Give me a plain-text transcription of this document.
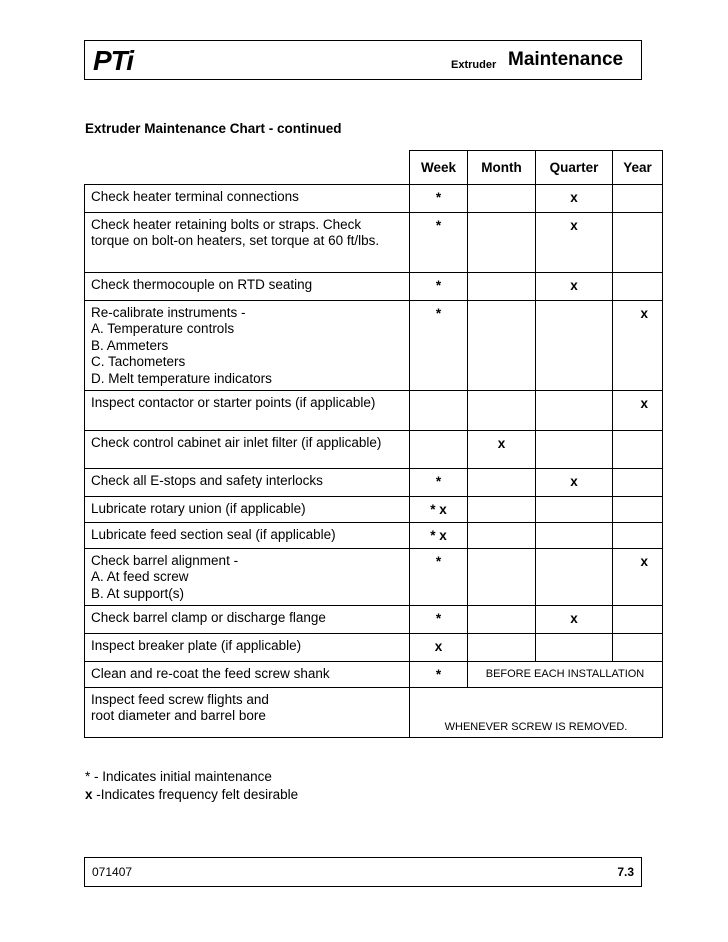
PTi	Extruder Maintenance
Extruder Maintenance Chart - continued
	Week	Month	Quarter	Year
Check heater terminal connections	*		x	

Check heater retaining bolts or straps. Check torque on bolt-on heaters, set torque at 60 ft/lbs.	*		x	

Check thermocouple on RTD seating	*		x	

Re-calibrate instruments -
A. Temperature controls
B. Ammeters
C. Tachometers
D. Melt temperature indicators	*			x

Inspect contactor or starter points (if applicable)				x

Check control cabinet air inlet filter (if applicable)		x		

Check all E-stops and safety interlocks	*		x	

Lubricate rotary union (if applicable)	* x			

Lubricate feed section seal (if applicable)	* x			

Check barrel alignment -
A. At feed screw
B. At support(s)	*			x

Check barrel clamp or discharge flange	*		x	

Inspect breaker plate (if applicable)	x			

Clean and re-coat the feed screw shank	*	BEFORE EACH INSTALLATION		
Inspect feed screw flights and
root diameter and barrel bore	WHENEVER SCREW IS REMOVED.			
* - Indicates initial maintenance
x -Indicates frequency felt desirable
071407	7.3
